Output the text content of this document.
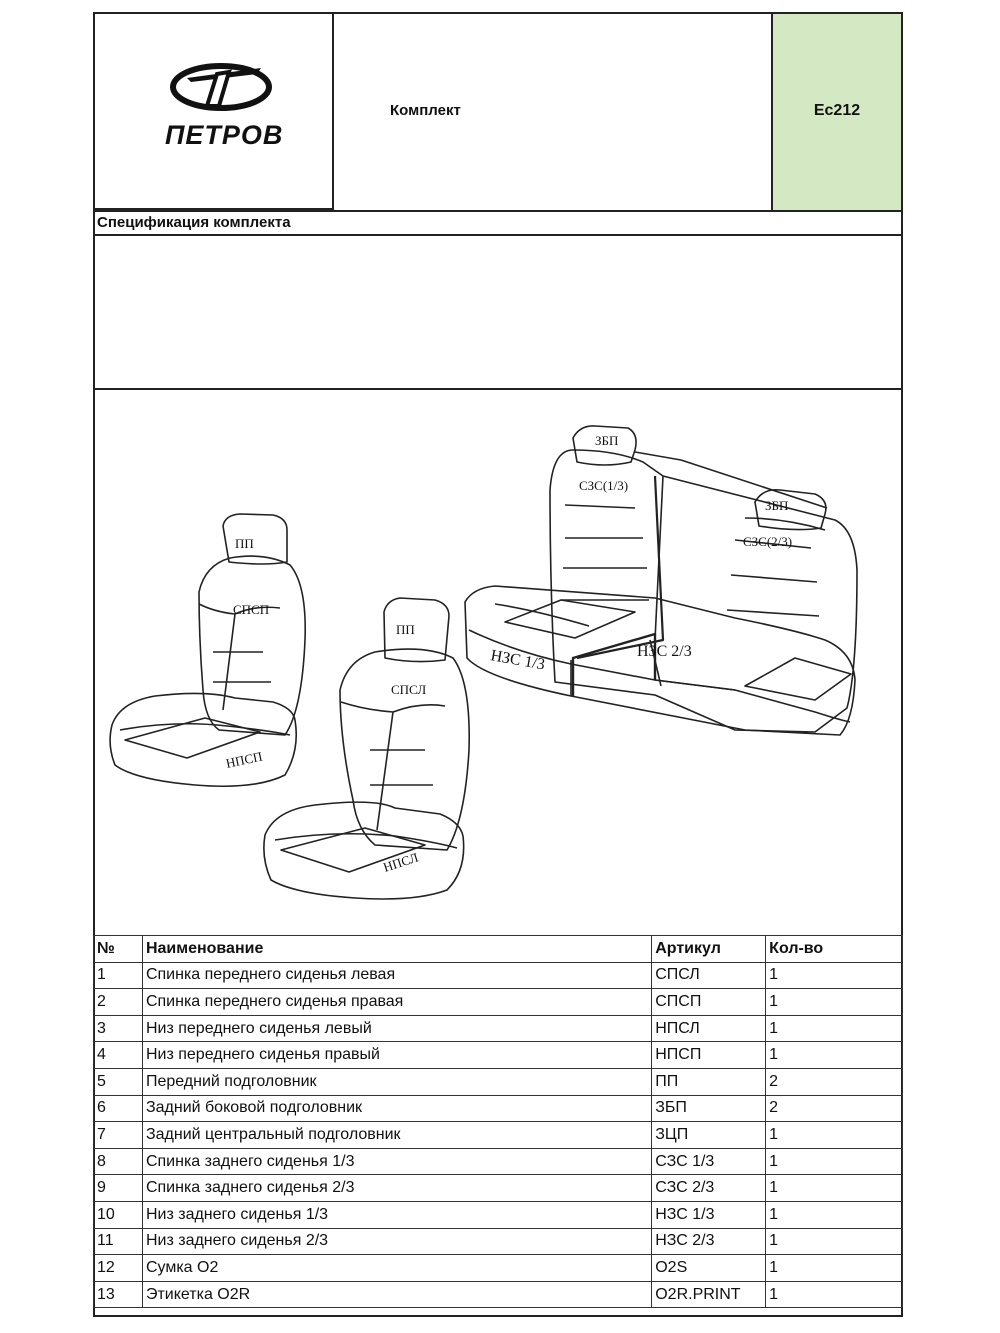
ПЕТРОВ
Комплект	Ес212
Спецификация комплекта
ПП
СПСП
НПСП
ПП
СПСЛ
НПСЛ
ЗБП
ЗБП
СЗС(1/3)
СЗС(2/3)
НЗС 1/3	НЗС 2/3
№	Наименование	Артикул	Кол-во
1	Спинка переднего сиденья левая	СПСЛ	1
2	Спинка переднего сиденья правая	СПСП	1
3	Низ переднего сиденья левый	НПСЛ	1
4	Низ переднего сиденья правый	НПСП	1
5	Передний подголовник	ПП	2
6	Задний боковой подголовник	ЗБП	2
7	Задний центральный подголовник	ЗЦП	1
8	Спинка заднего сиденья 1/3	СЗС 1/3	1
9	Спинка заднего сиденья 2/3	СЗС 2/3	1
10	Низ заднего сиденья 1/3	НЗС 1/3	1
11	Низ заднего сиденья 2/3	НЗС 2/3	1
12	Сумка О2	O2S	1
13	Этикетка O2R	O2R.PRINT	1
